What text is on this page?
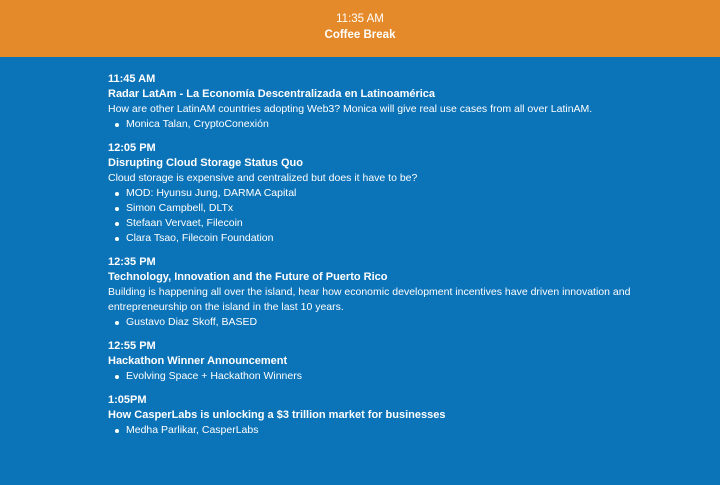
11:35 AM
Coffee Break
11:45 AM
Radar LatAm - La Economía Descentralizada en Latinoamérica
How are other LatinAM countries adopting Web3? Monica will give real use cases from all over LatinAM.
Monica Talan, CryptoConexión
12:05 PM
Disrupting Cloud Storage Status Quo
Cloud storage is expensive and centralized but does it have to be?
MOD: Hyunsu Jung, DARMA Capital
Simon Campbell, DLTx
Stefaan Vervaet, Filecoin
Clara Tsao, Filecoin Foundation
12:35 PM
Technology, Innovation and the Future of Puerto Rico
Building is happening all over the island, hear how economic development incentives have driven innovation and entrepreneurship on the island in the last 10 years.
Gustavo Diaz Skoff, BASED
12:55 PM
Hackathon Winner Announcement
Evolving Space + Hackathon Winners
1:05PM
How CasperLabs is unlocking a $3 trillion market for businesses
Medha Parlikar, CasperLabs
